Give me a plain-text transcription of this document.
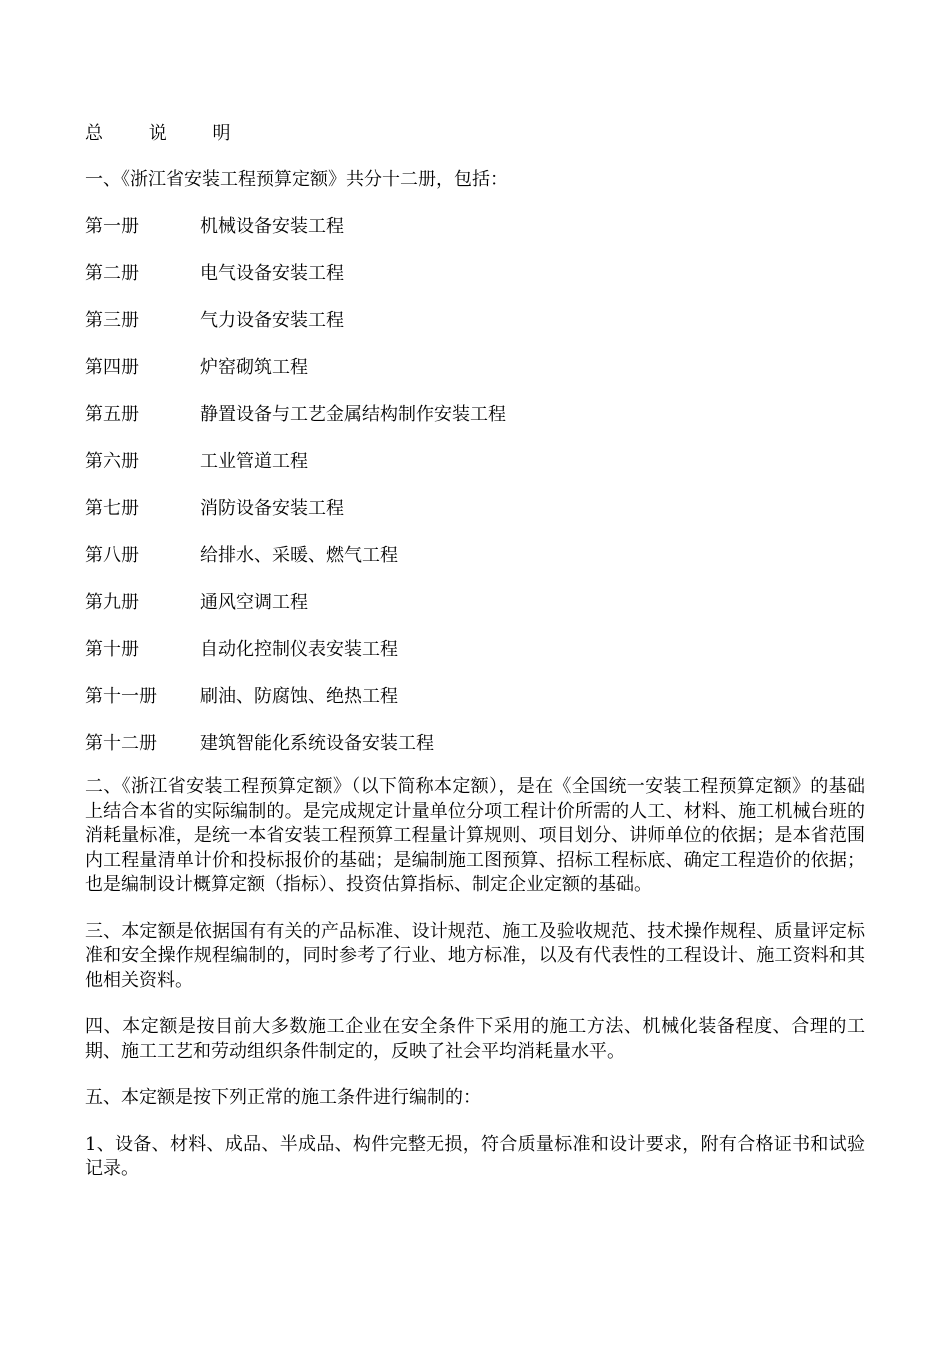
总 说 明
一、《浙江省安装工程预算定额》共分十二册，包括：
第一册	机械设备安装工程
第二册	电气设备安装工程
第三册	气力设备安装工程
第四册	炉窑砌筑工程
第五册	静置设备与工艺金属结构制作安装工程
第六册	工业管道工程
第七册	消防设备安装工程
第八册	给排水、采暖、燃气工程
第九册	通风空调工程
第十册	自动化控制仪表安装工程
第十一册 刷油、防腐蚀、绝热工程
第十二册 建筑智能化系统设备安装工程

二、《浙江省安装工程预算定额》（以下简称本定额），是在《全国统一安装工程预算定额》的基础上结合本省的实际编制的。是完成规定计量单位分项工程计价所需的人工、材料、施工机械台班的消耗量标准，是统一本省安装工程预算工程量计算规则、项目划分、讲师单位的依据；是本省范围内工程量清单计价和投标报价的基础；是编制施工图预算、招标工程标底、确定工程造价的依据；也是编制设计概算定额（指标）、投资估算指标、制定企业定额的基础。

三、本定额是依据国有有关的产品标准、设计规范、施工及验收规范、技术操作规程、质量评定标准和安全操作规程编制的，同时参考了行业、地方标准，以及有代表性的工程设计、施工资料和其他相关资料。

四、本定额是按目前大多数施工企业在安全条件下采用的施工方法、机械化装备程度、合理的工期、施工工艺和劳动组织条件制定的，反映了社会平均消耗量水平。

五、本定额是按下列正常的施工条件进行编制的：

1、设备、材料、成品、半成品、构件完整无损，符合质量标准和设计要求，附有合格证书和试验记录。
